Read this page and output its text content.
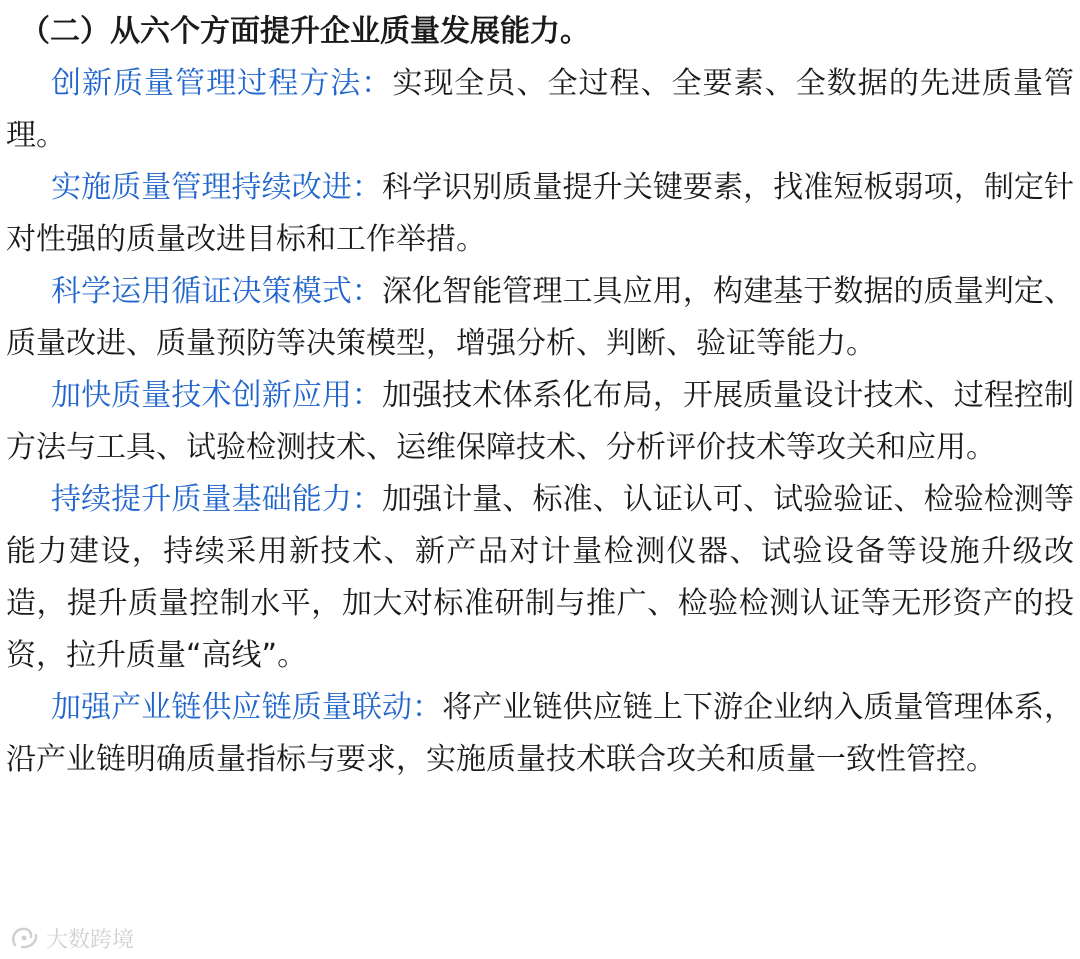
（二）从六个方面提升企业质量发展能力。

创新质量管理过程方法：实现全员、全过程、全要素、全数据的先进质量管理。

实施质量管理持续改进：科学识别质量提升关键要素，找准短板弱项，制定针对性强的质量改进目标和工作举措。

科学运用循证决策模式：深化智能管理工具应用，构建基于数据的质量判定、质量改进、质量预防等决策模型，增强分析、判断、验证等能力。

加快质量技术创新应用：加强技术体系化布局，开展质量设计技术、过程控制方法与工具、试验检测技术、运维保障技术、分析评价技术等攻关和应用。

持续提升质量基础能力：加强计量、标准、认证认可、试验验证、检验检测等能力建设，持续采用新技术、新产品对计量检测仪器、试验设备等设施升级改造，提升质量控制水平，加大对标准研制与推广、检验检测认证等无形资产的投资，拉升质量“高线”。

加强产业链供应链质量联动：将产业链供应链上下游企业纳入质量管理体系，沿产业链明确质量指标与要求，实施质量技术联合攻关和质量一致性管控。

大数跨境
